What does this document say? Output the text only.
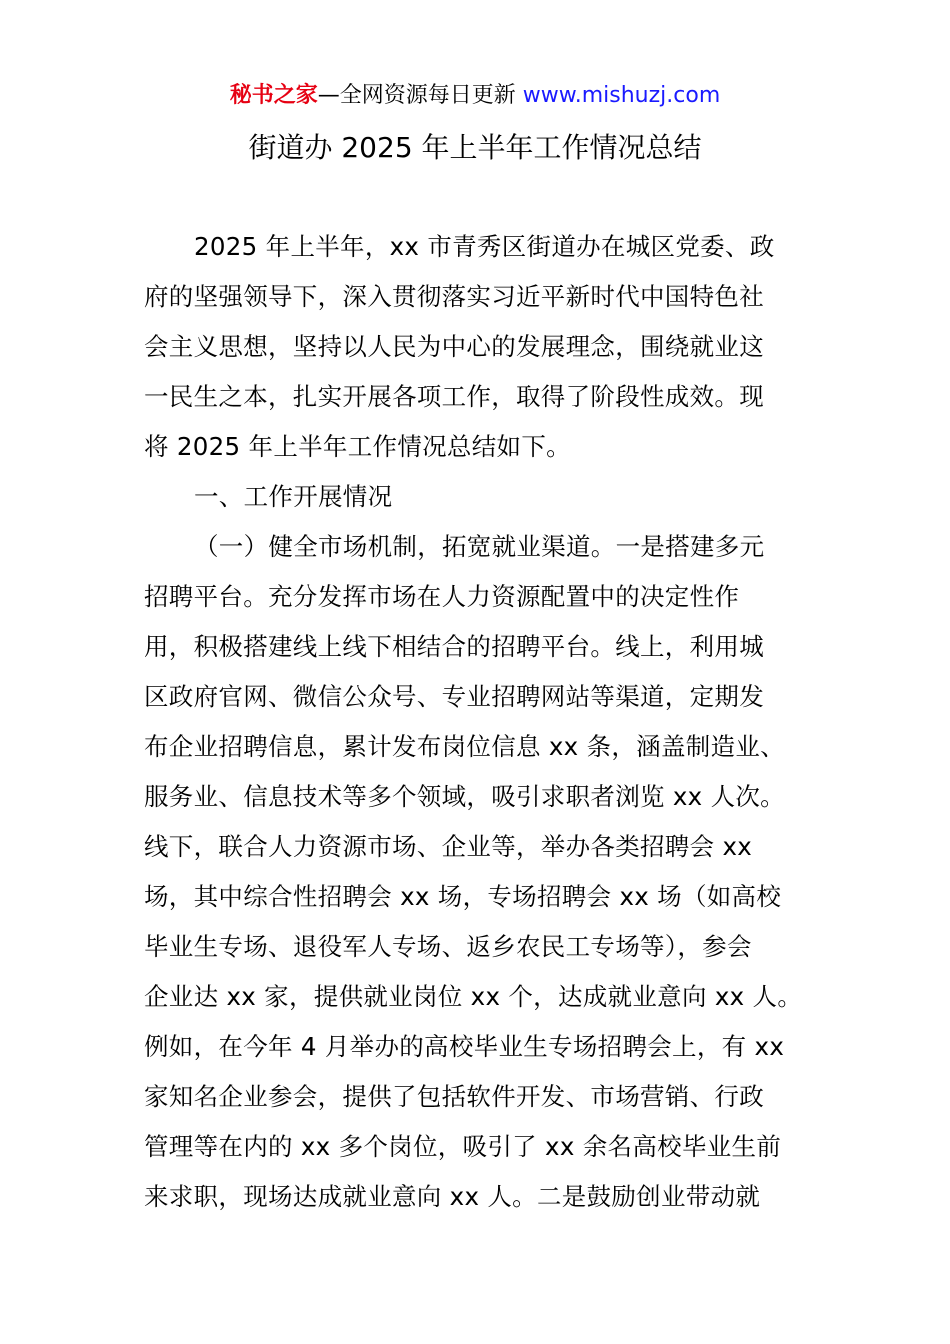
秘书之家—全网资源每日更新 www.mishuzj.com
街道办 2025 年上半年工作情况总结
2025 年上半年，xx 市青秀区街道办在城区党委、政
府的坚强领导下，深入贯彻落实习近平新时代中国特色社
会主义思想，坚持以人民为中心的发展理念，围绕就业这
一民生之本，扎实开展各项工作，取得了阶段性成效。现
将 2025 年上半年工作情况总结如下。
一、工作开展情况
（一）健全市场机制，拓宽就业渠道。一是搭建多元
招聘平台。充分发挥市场在人力资源配置中的决定性作
用，积极搭建线上线下相结合的招聘平台。线上，利用城
区政府官网、微信公众号、专业招聘网站等渠道，定期发
布企业招聘信息，累计发布岗位信息 xx 条，涵盖制造业、
服务业、信息技术等多个领域，吸引求职者浏览 xx 人次。
线下，联合人力资源市场、企业等，举办各类招聘会 xx
场，其中综合性招聘会 xx 场，专场招聘会 xx 场（如高校
毕业生专场、退役军人专场、返乡农民工专场等），参会
企业达 xx 家，提供就业岗位 xx 个，达成就业意向 xx 人。
例如，在今年 4 月举办的高校毕业生专场招聘会上，有 xx
家知名企业参会，提供了包括软件开发、市场营销、行政
管理等在内的 xx 多个岗位，吸引了 xx 余名高校毕业生前
来求职，现场达成就业意向 xx 人。二是鼓励创业带动就
